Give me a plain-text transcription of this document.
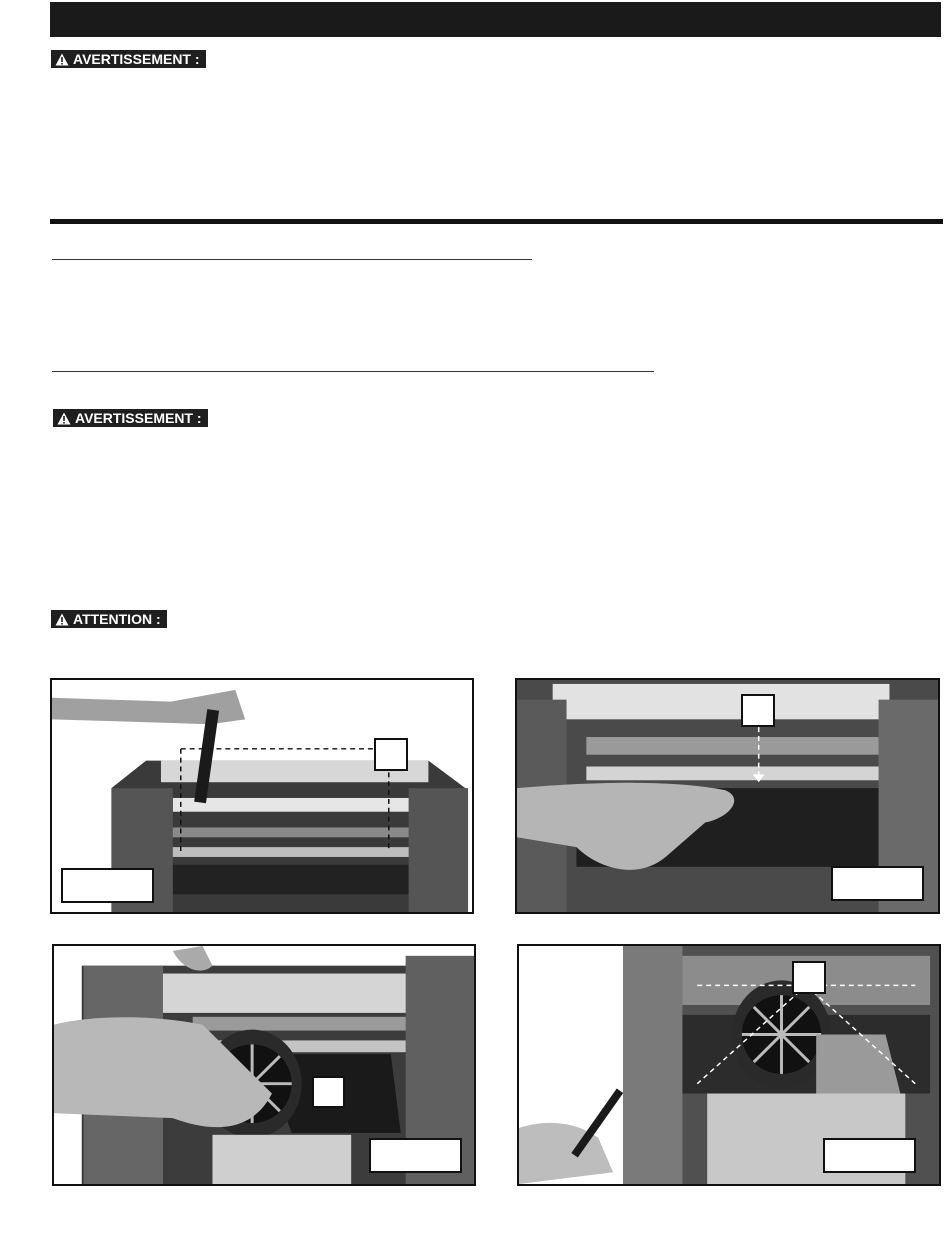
AVERTISSEMENT :
AVERTISSEMENT :
ATTENTION :
